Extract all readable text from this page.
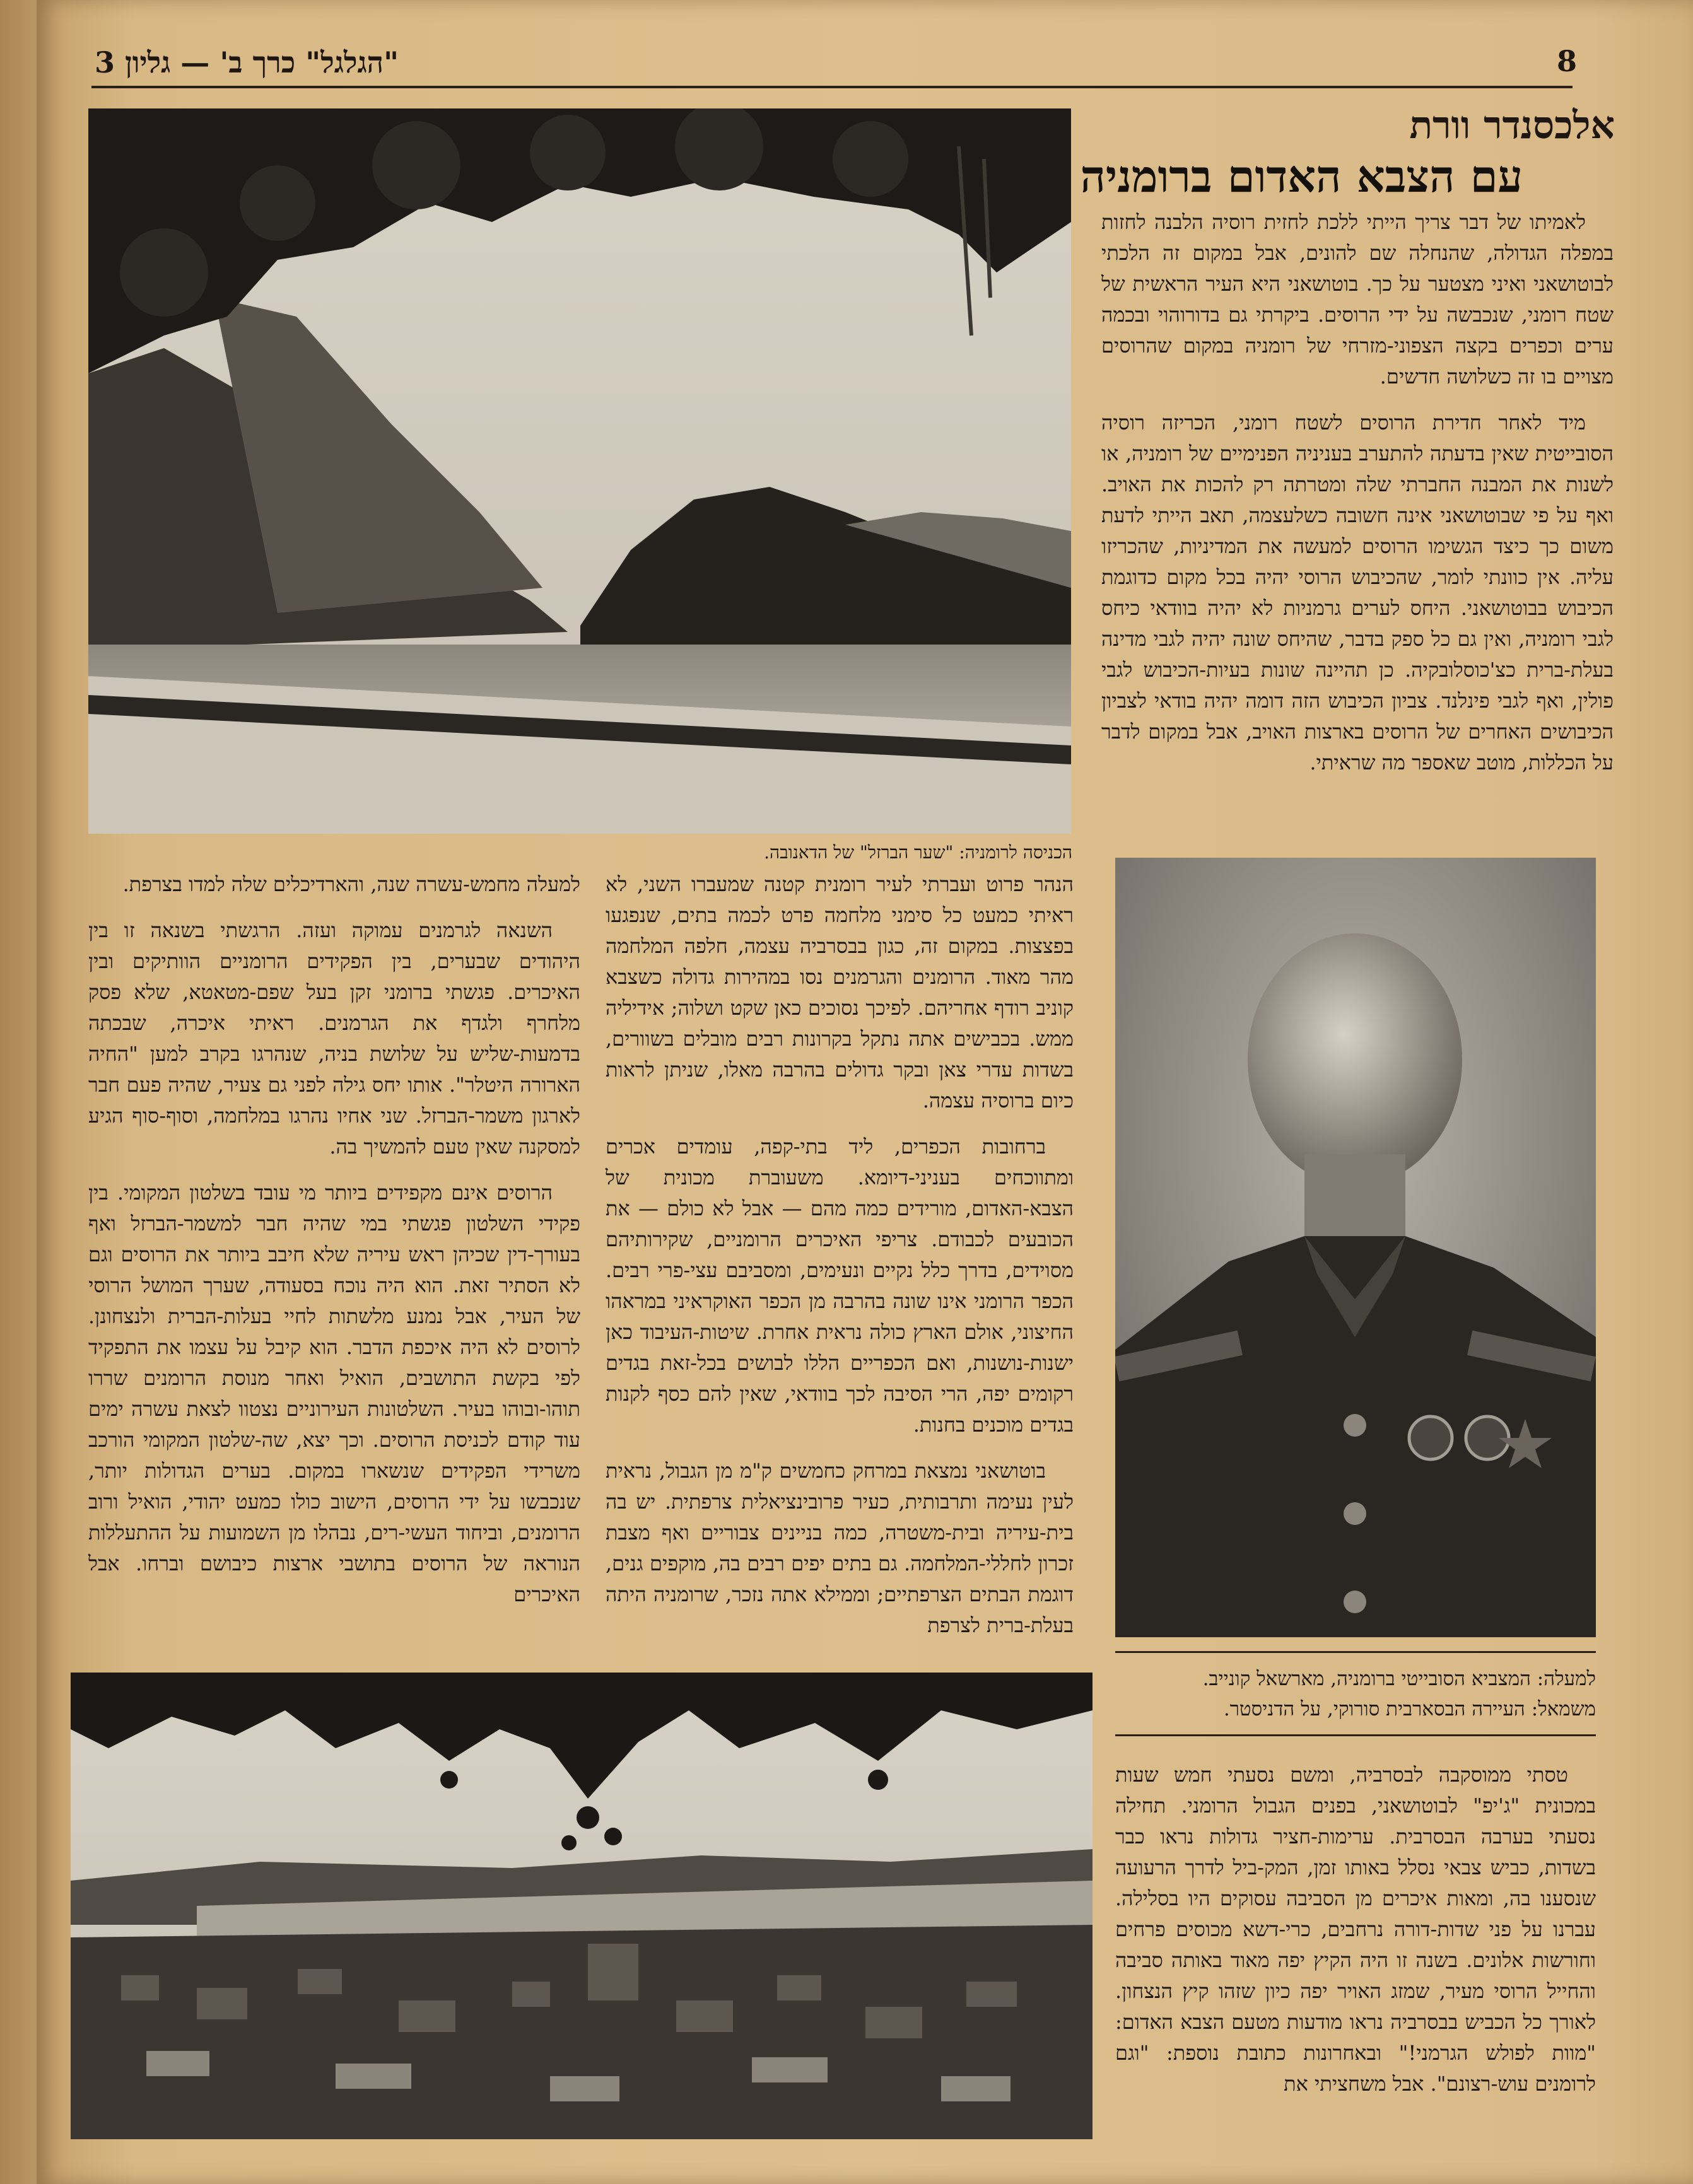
"הגלגל" כרך ב' — גליון 3	8
אלכסנדר וורת
עם הצבא האדום ברומניה
הכניסה לרומניה: "שער הברזל" של הדאנובה.

לאמיתו של דבר צריך הייתי ללכת לחזית רוסיה הלבנה לחזות במפלה הגדולה, שהנחלה שם להונים, אבל במקום זה הלכתי לבוטושאני ואיני מצטער על כך. בוטושאני היא העיר הראשית של שטח רומני, שנכבשה על ידי הרוסים. ביקרתי גם בדורוהוי ובכמה ערים וכפרים בקצה הצפוני-מזרחי של רומניה במקום שהרוסים מצויים בו זה כשלושה חדשים.

מיד לאחר חדירת הרוסים לשטח רומני, הכריזה רוסיה הסובייטית שאין בדעתה להתערב בעניניה הפנימיים של רומניה, או לשנות את המבנה החברתי שלה ומטרתה רק להכות את האויב. ואף על פי שבוטושאני אינה חשובה כשלעצמה, תאב הייתי לדעת משום כך כיצד הגשימו הרוסים למעשה את המדיניות, שהכריזו עליה. אין כוונתי לומר, שהכיבוש הרוסי יהיה בכל מקום כדוגמת הכיבוש בבוטושאני. היחס לערים גרמניות לא יהיה בוודאי כיחס לגבי רומניה, ואין גם כל ספק בדבר, שהיחס שונה יהיה לגבי מדינה בעלת-ברית כצ'כוסלובקיה. כן תהיינה שונות בעיות-הכיבוש לגבי פולין, ואף לגבי פינלנד. צביון הכיבוש הזה דומה יהיה בודאי לצביון הכיבושים האחרים של הרוסים בארצות האויב, אבל במקום לדבר על הכללות, מוטב שאספר מה שראיתי.

הנהר פרוט ועברתי לעיר רומנית קטנה שמעברו השני, לא ראיתי כמעט כל סימני מלחמה פרט לכמה בתים, שנפגעו בפצצות. במקום זה, כגון בבסרביה עצמה, חלפה המלחמה מהר מאוד. הרומנים והגרמנים נסו במהירות גדולה כשצבא קוניב רודף אחריהם. לפיכך נסוכים כאן שקט ושלוה; אידיליה ממש. בכבישים אתה נתקל בקרונות רבים מובלים בשוורים, בשדות עדרי צאן ובקר גדולים בהרבה מאלו, שניתן לראות כיום ברוסיה עצמה.

ברחובות הכפרים, ליד בתי-קפה, עומדים אכרים ומתווכחים בעניני-דיומא. משעוברת מכונית של הצבא-האדום, מורידים כמה מהם — אבל לא כולם — את הכובעים לכבודם. צריפי האיכרים הרומניים, שקירותיהם מסוידים, בדרך כלל נקיים ונעימים, ומסביבם עצי-פרי רבים. הכפר הרומני אינו שונה בהרבה מן הכפר האוקראיני במראהו החיצוני, אולם הארץ כולה נראית אחרת. שיטות-העיבוד כאן ישנות-נושנות, ואם הכפריים הללו לבושים בכל-זאת בגדים רקומים יפה, הרי הסיבה לכך בוודאי, שאין להם כסף לקנות בגדים מוכנים בחנות.

בוטושאני נמצאת במרחק כחמשים ק"מ מן הגבול, נראית לעין נעימה ותרבותית, כעיר פרובינציאלית צרפתית. יש בה בית-עיריה ובית-משטרה, כמה בניינים צבוריים ואף מצבת זכרון לחללי-המלחמה. גם בתים יפים רבים בה, מוקפים גנים, דוגמת הבתים הצרפתיים; וממילא אתה נזכר, שרומניה היתה בעלת-ברית לצרפת

למעלה מחמש-עשרה שנה, והארדיכלים שלה למדו בצרפת.

השנאה לגרמנים עמוקה ועזה. הרגשתי בשנאה זו בין היהודים שבערים, בין הפקידים הרומניים הוותיקים ובין האיכרים. פגשתי ברומני זקן בעל שפם-מטאטא, שלא פסק מלחרף ולגדף את הגרמנים. ראיתי איכרה, שבכתה בדמעות-שליש על שלושת בניה, שנהרגו בקרב למען "החיה הארורה היטלר". אותו יחס גילה לפני גם צעיר, שהיה פעם חבר לארגון משמר-הברזל. שני אחיו נהרגו במלחמה, וסוף-סוף הגיע למסקנה שאין טעם להמשיך בה.

הרוסים אינם מקפידים ביותר מי עובד בשלטון המקומי. בין פקידי השלטון פגשתי במי שהיה חבר למשמר-הברזל ואף בעורך-דין שכיהן ראש עיריה שלא חיבב ביותר את הרוסים וגם לא הסתיר זאת. הוא היה נוכח בסעודה, שערך המושל הרוסי של העיר, אבל נמנע מלשתות לחיי בעלות-הברית ולנצחונן. לרוסים לא היה איכפת הדבר. הוא קיבל על עצמו את התפקיד לפי בקשת התושבים, הואיל ואחר מנוסת הרומנים שררו תוהו-ובוהו בעיר. השלטונות העירוניים נצטוו לצאת עשרה ימים עוד קודם לכניסת הרוסים. וכך יצא, שה-שלטון המקומי הורכב משרידי הפקידים שנשארו במקום. בערים הגדולות יותר, שנכבשו על ידי הרוסים, הישוב כולו כמעט יהודי, הואיל ורוב הרומנים, וביחוד העשי-רים, נבהלו מן השמועות על ההתעללות הנוראה של הרוסים בתושבי ארצות כיבושם וברחו. אבל האיכרים

למעלה: המצביא הסובייטי ברומניה, מארשאל קונייב.
משמאל: העיירה הבסארבית סורוקי, על הדניסטר.

טסתי ממוסקבה לבסרביה, ומשם נסעתי חמש שעות במכונית "ג'יפ" לבוטושאני, בפנים הגבול הרומני. תחילה נסעתי בערבה הבסרבית. ערימות-חציר גדולות נראו כבר בשדות, כביש צבאי נסלל באותו זמן, המק-ביל לדרך הרעועה שנסענו בה, ומאות איכרים מן הסביבה עסוקים היו בסלילה. עברנו על פני שדות-דורה נרחבים, כרי-דשא מכוסים פרחים וחורשות אלונים. בשנה זו היה הקיץ יפה מאוד באותה סביבה והחייל הרוסי מעיר, שמזג האויר יפה כיון שזהו קיץ הנצחון. לאורך כל הכביש בבסרביה נראו מודעות מטעם הצבא האדום: "מוות לפולש הגרמני!" ובאחרונות כתובת נוספת: "וגם לרומנים עוש-רצונם". אבל משחציתי את
